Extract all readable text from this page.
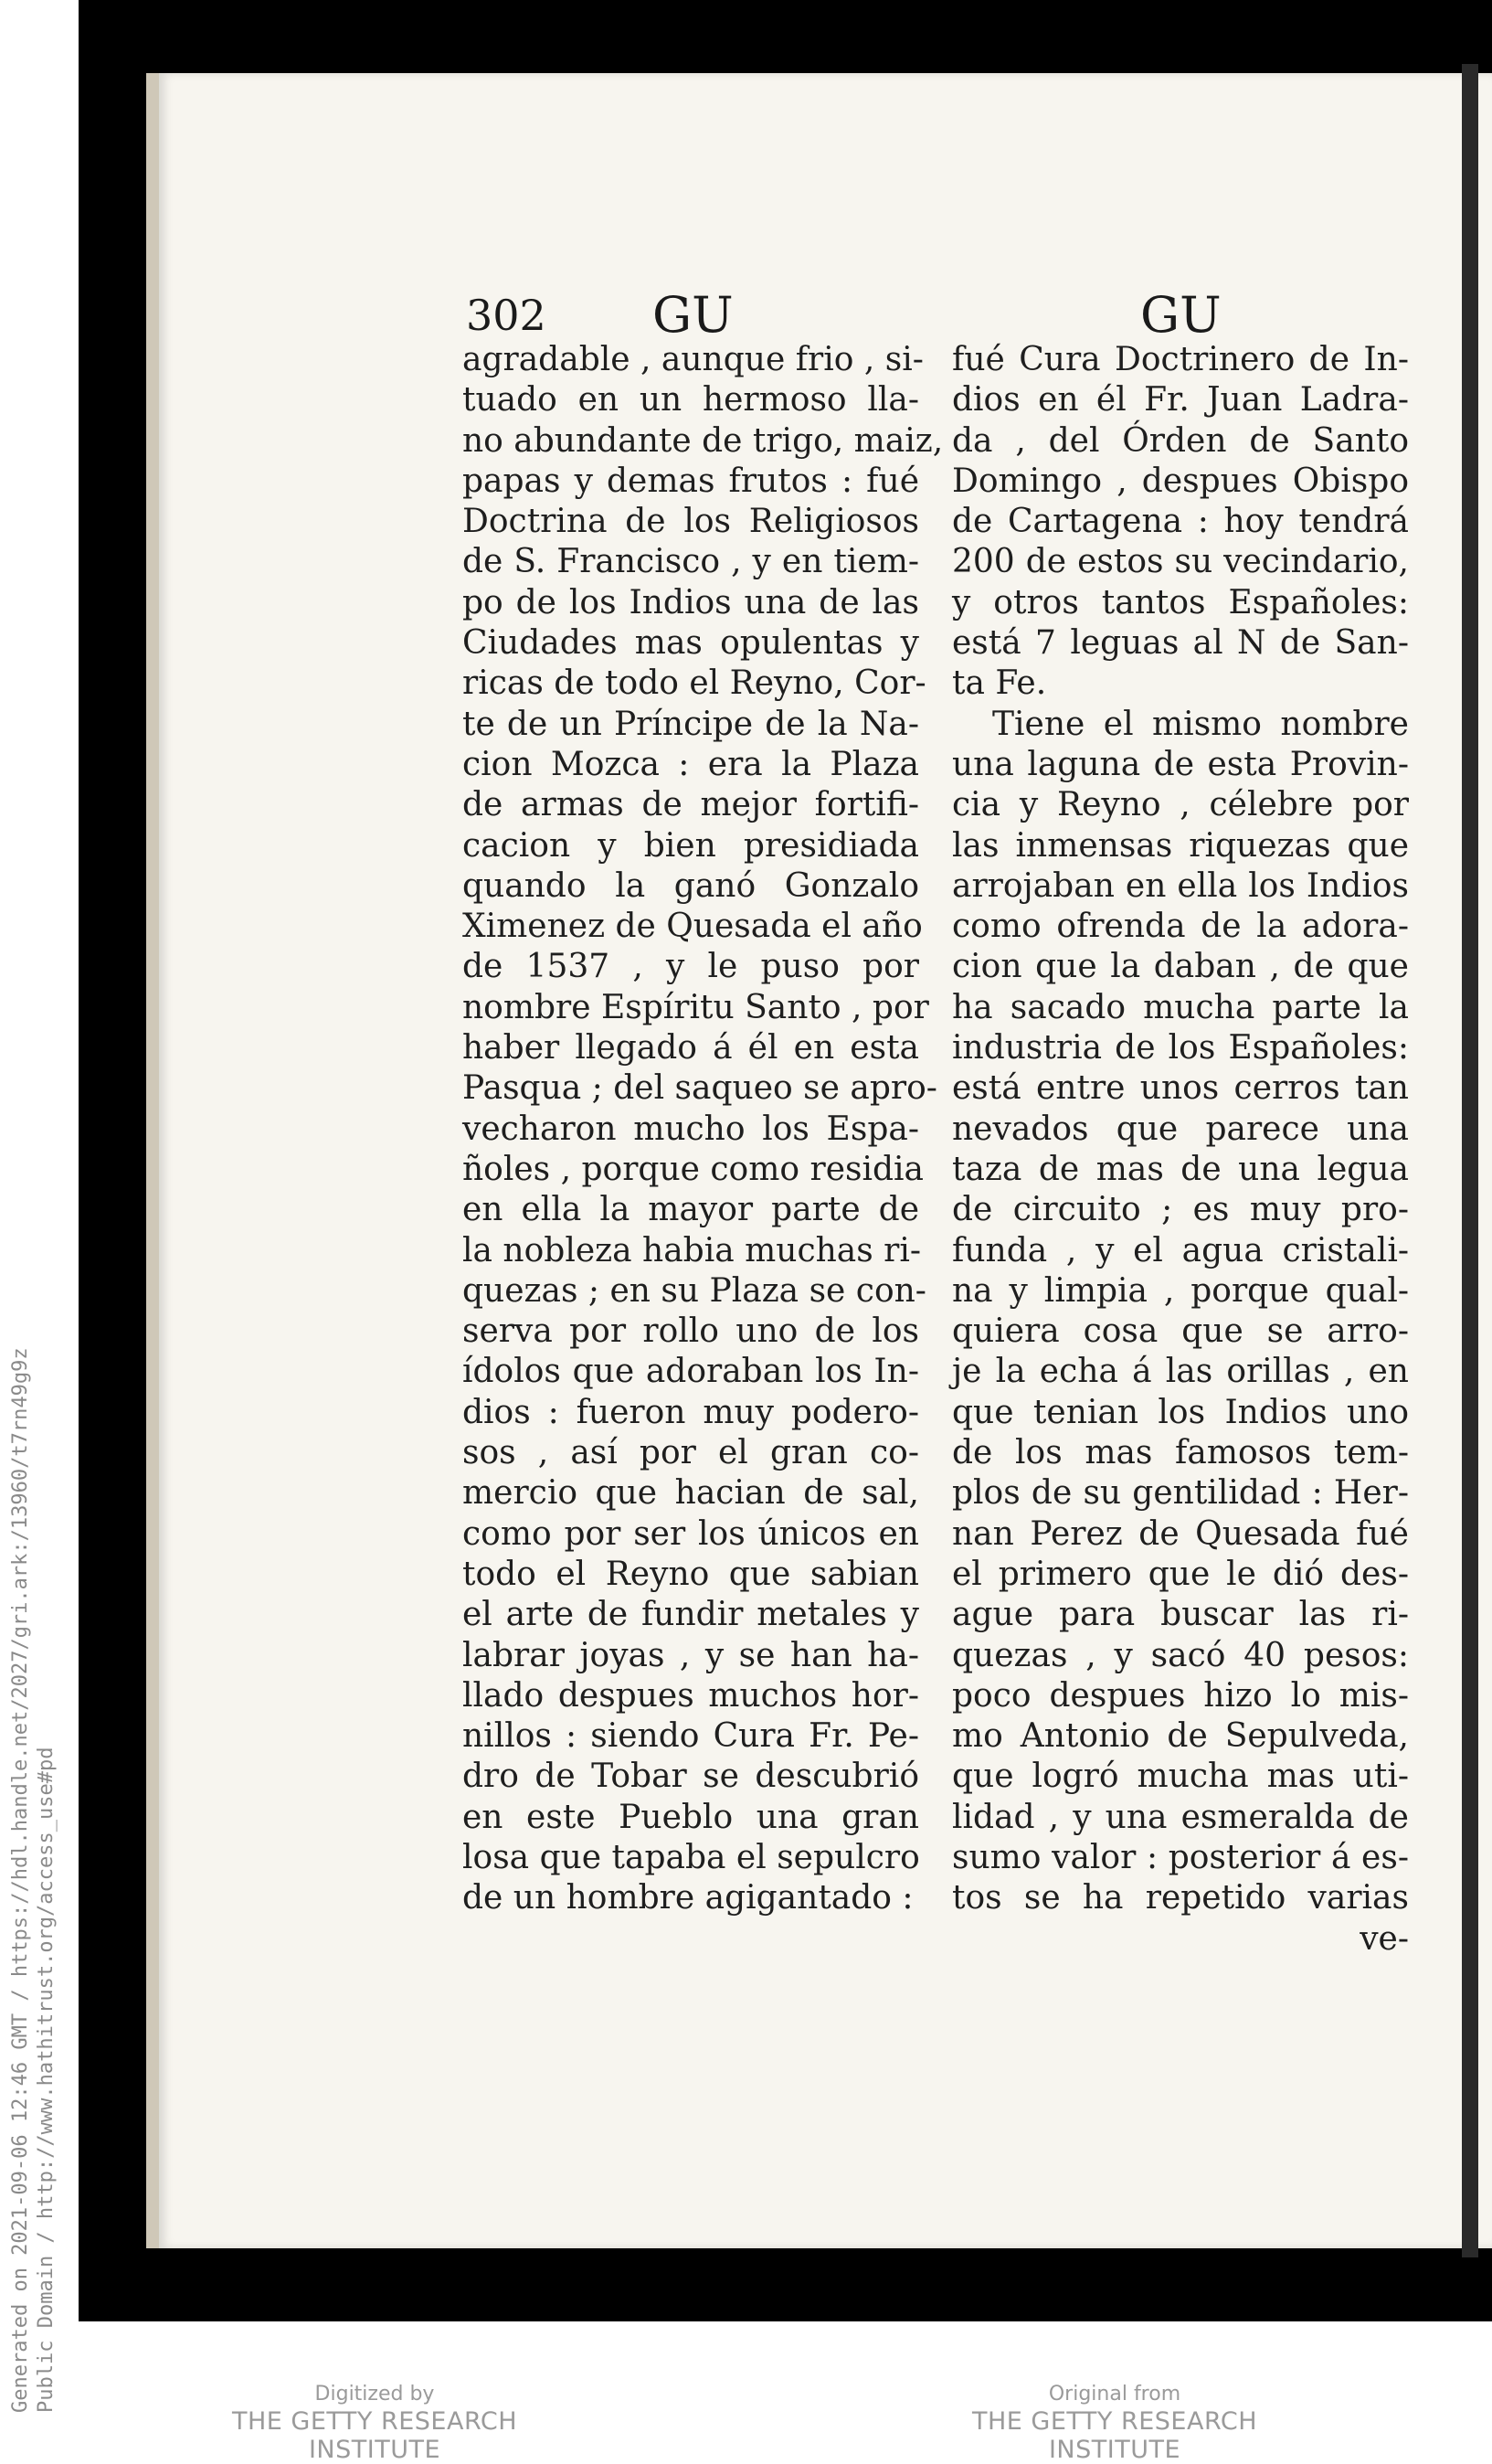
Generated on 2021-09-06 12:46 GMT / https://hdl.handle.net/2027/gri.ark:/13960/t7rn49g9z Public Domain / http://www.hathitrust.org/access_use#pd
302 GU	GU
agradable , aunque frio , si-
tuado en un hermoso lla-
no abundante de trigo, maiz,
papas y demas frutos : fué
Doctrina de los Religiosos
de S. Francisco , y en tiem-
po de los Indios una de las
Ciudades mas opulentas y
ricas de todo el Reyno, Cor-
te de un Príncipe de la Na-
cion Mozca : era la Plaza
de armas de mejor fortifi-
cacion y bien presidiada
quando la ganó Gonzalo
Ximenez de Quesada el año
de 1537 , y le puso por
nombre Espíritu Santo , por
haber llegado á él en esta
Pasqua ; del saqueo se apro-
vecharon mucho los Espa-
ñoles , porque como residia
en ella la mayor parte de
la nobleza habia muchas ri-
quezas ; en su Plaza se con-
serva por rollo uno de los
ídolos que adoraban los In-
dios : fueron muy podero-
sos , así por el gran co-
mercio que hacian de sal,
como por ser los únicos en
todo el Reyno que sabian
el arte de fundir metales y
labrar joyas , y se han ha-
llado despues muchos hor-
nillos : siendo Cura Fr. Pe-
dro de Tobar se descubrió
en este Pueblo una gran
losa que tapaba el sepulcro
de un hombre agigantado :
fué Cura Doctrinero de In-
dios en él Fr. Juan Ladra-
da , del Órden de Santo
Domingo , despues Obispo
de Cartagena : hoy tendrá
200 de estos su vecindario,
y otros tantos Españoles:
está 7 leguas al N de San-
ta Fe.
Tiene el mismo nombre
una laguna de esta Provin-
cia y Reyno , célebre por
las inmensas riquezas que
arrojaban en ella los Indios
como ofrenda de la adora-
cion que la daban , de que
ha sacado mucha parte la
industria de los Españoles:
está entre unos cerros tan
nevados que parece una
taza de mas de una legua
de circuito ; es muy pro-
funda , y el agua cristali-
na y limpia , porque qual-
quiera cosa que se arro-
je la echa á las orillas , en
que tenian los Indios uno
de los mas famosos tem-
plos de su gentilidad : Her-
nan Perez de Quesada fué
el primero que le dió des-
ague para buscar las ri-
quezas , y sacó 40 pesos:
poco despues hizo lo mis-
mo Antonio de Sepulveda,
que logró mucha mas uti-
lidad , y una esmeralda de
sumo valor : posterior á es-
tos se ha repetido varias
ve-
Digitized by
THE GETTY RESEARCH INSTITUTE
Original from
THE GETTY RESEARCH INSTITUTE
